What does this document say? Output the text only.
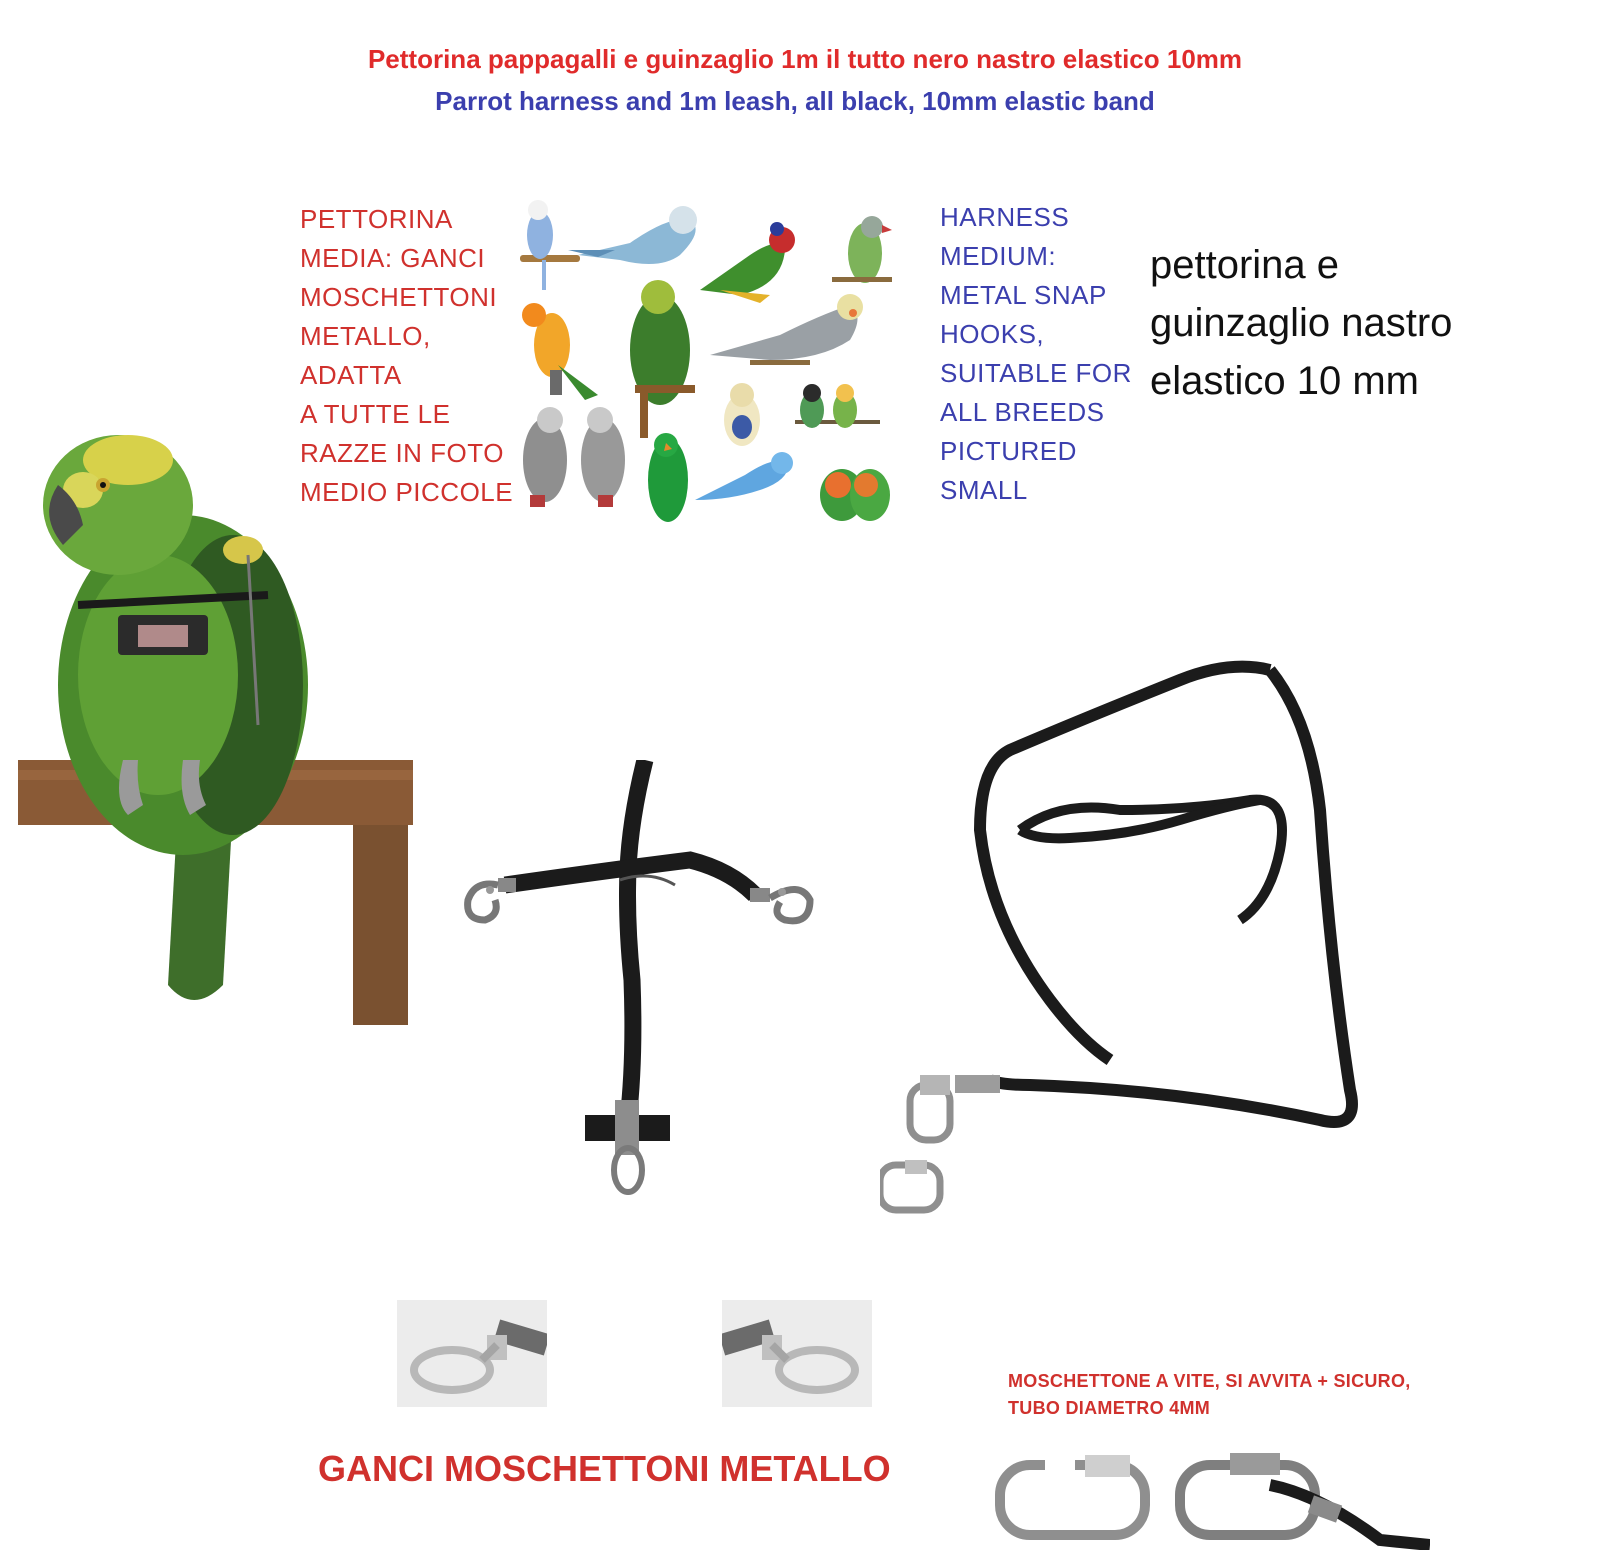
Pettorina pappagalli e guinzaglio 1m il tutto nero nastro elastico 10mm
Parrot harness and 1m leash, all black, 10mm elastic band
PETTORINA
MEDIA: GANCI
MOSCHETTONI
METALLO,
ADATTA
A TUTTE LE
RAZZE IN FOTO
MEDIO PICCOLE
HARNESS
MEDIUM:
METAL SNAP
HOOKS,
SUITABLE FOR
ALL BREEDS
PICTURED
SMALL
pettorina e
guinzaglio nastro
elastico 10 mm
GANCI MOSCHETTONI METALLO
MOSCHETTONE A VITE, SI AVVITA + SICURO,
TUBO DIAMETRO 4MM
